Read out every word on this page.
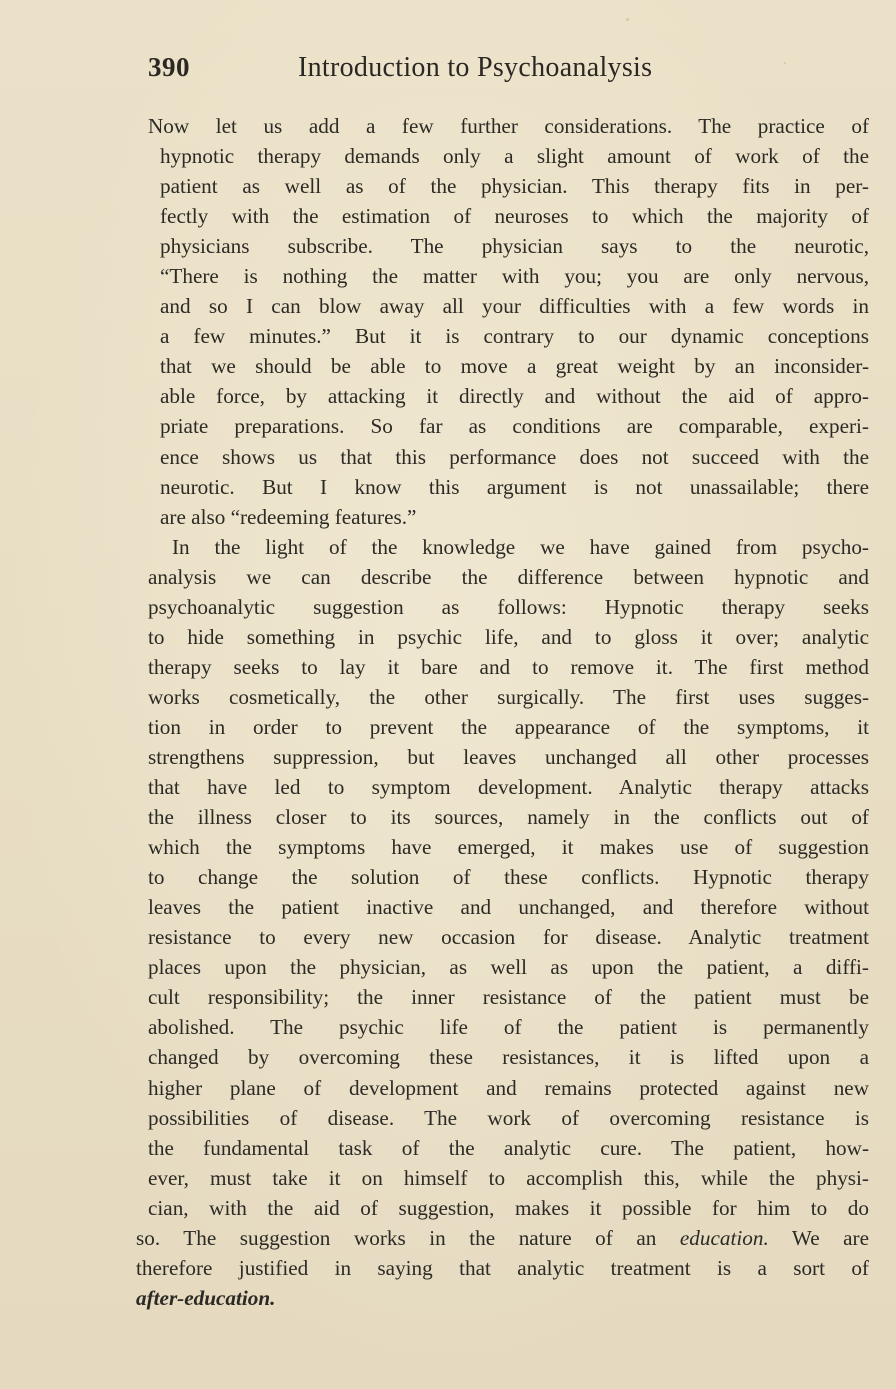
390	Introduction to Psychoanalysis
Now let us add a few further considerations. The practice of
hypnotic therapy demands only a slight amount of work of the
patient as well as of the physician. This therapy fits in per-
fectly with the estimation of neuroses to which the majority of
physicians subscribe. The physician says to the neurotic,
“There is nothing the matter with you; you are only nervous,
and so I can blow away all your difficulties with a few words in
a few minutes.” But it is contrary to our dynamic conceptions
that we should be able to move a great weight by an inconsider-
able force, by attacking it directly and without the aid of appro-
priate preparations. So far as conditions are comparable, experi-
ence shows us that this performance does not succeed with the
neurotic. But I know this argument is not unassailable; there
are also “redeeming features.”
In the light of the knowledge we have gained from psycho-
analysis we can describe the difference between hypnotic and
psychoanalytic suggestion as follows: Hypnotic therapy seeks
to hide something in psychic life, and to gloss it over; analytic
therapy seeks to lay it bare and to remove it. The first method
works cosmetically, the other surgically. The first uses sugges-
tion in order to prevent the appearance of the symptoms, it
strengthens suppression, but leaves unchanged all other processes
that have led to symptom development. Analytic therapy attacks
the illness closer to its sources, namely in the conflicts out of
which the symptoms have emerged, it makes use of suggestion
to change the solution of these conflicts. Hypnotic therapy
leaves the patient inactive and unchanged, and therefore without
resistance to every new occasion for disease. Analytic treatment
places upon the physician, as well as upon the patient, a diffi-
cult responsibility; the inner resistance of the patient must be
abolished. The psychic life of the patient is permanently
changed by overcoming these resistances, it is lifted upon a
higher plane of development and remains protected against new
possibilities of disease. The work of overcoming resistance is
the fundamental task of the analytic cure. The patient, how-
ever, must take it on himself to accomplish this, while the physi-
cian, with the aid of suggestion, makes it possible for him to do
so. The suggestion works in the nature of an education. We are
therefore justified in saying that analytic treatment is a sort of
after-education.
